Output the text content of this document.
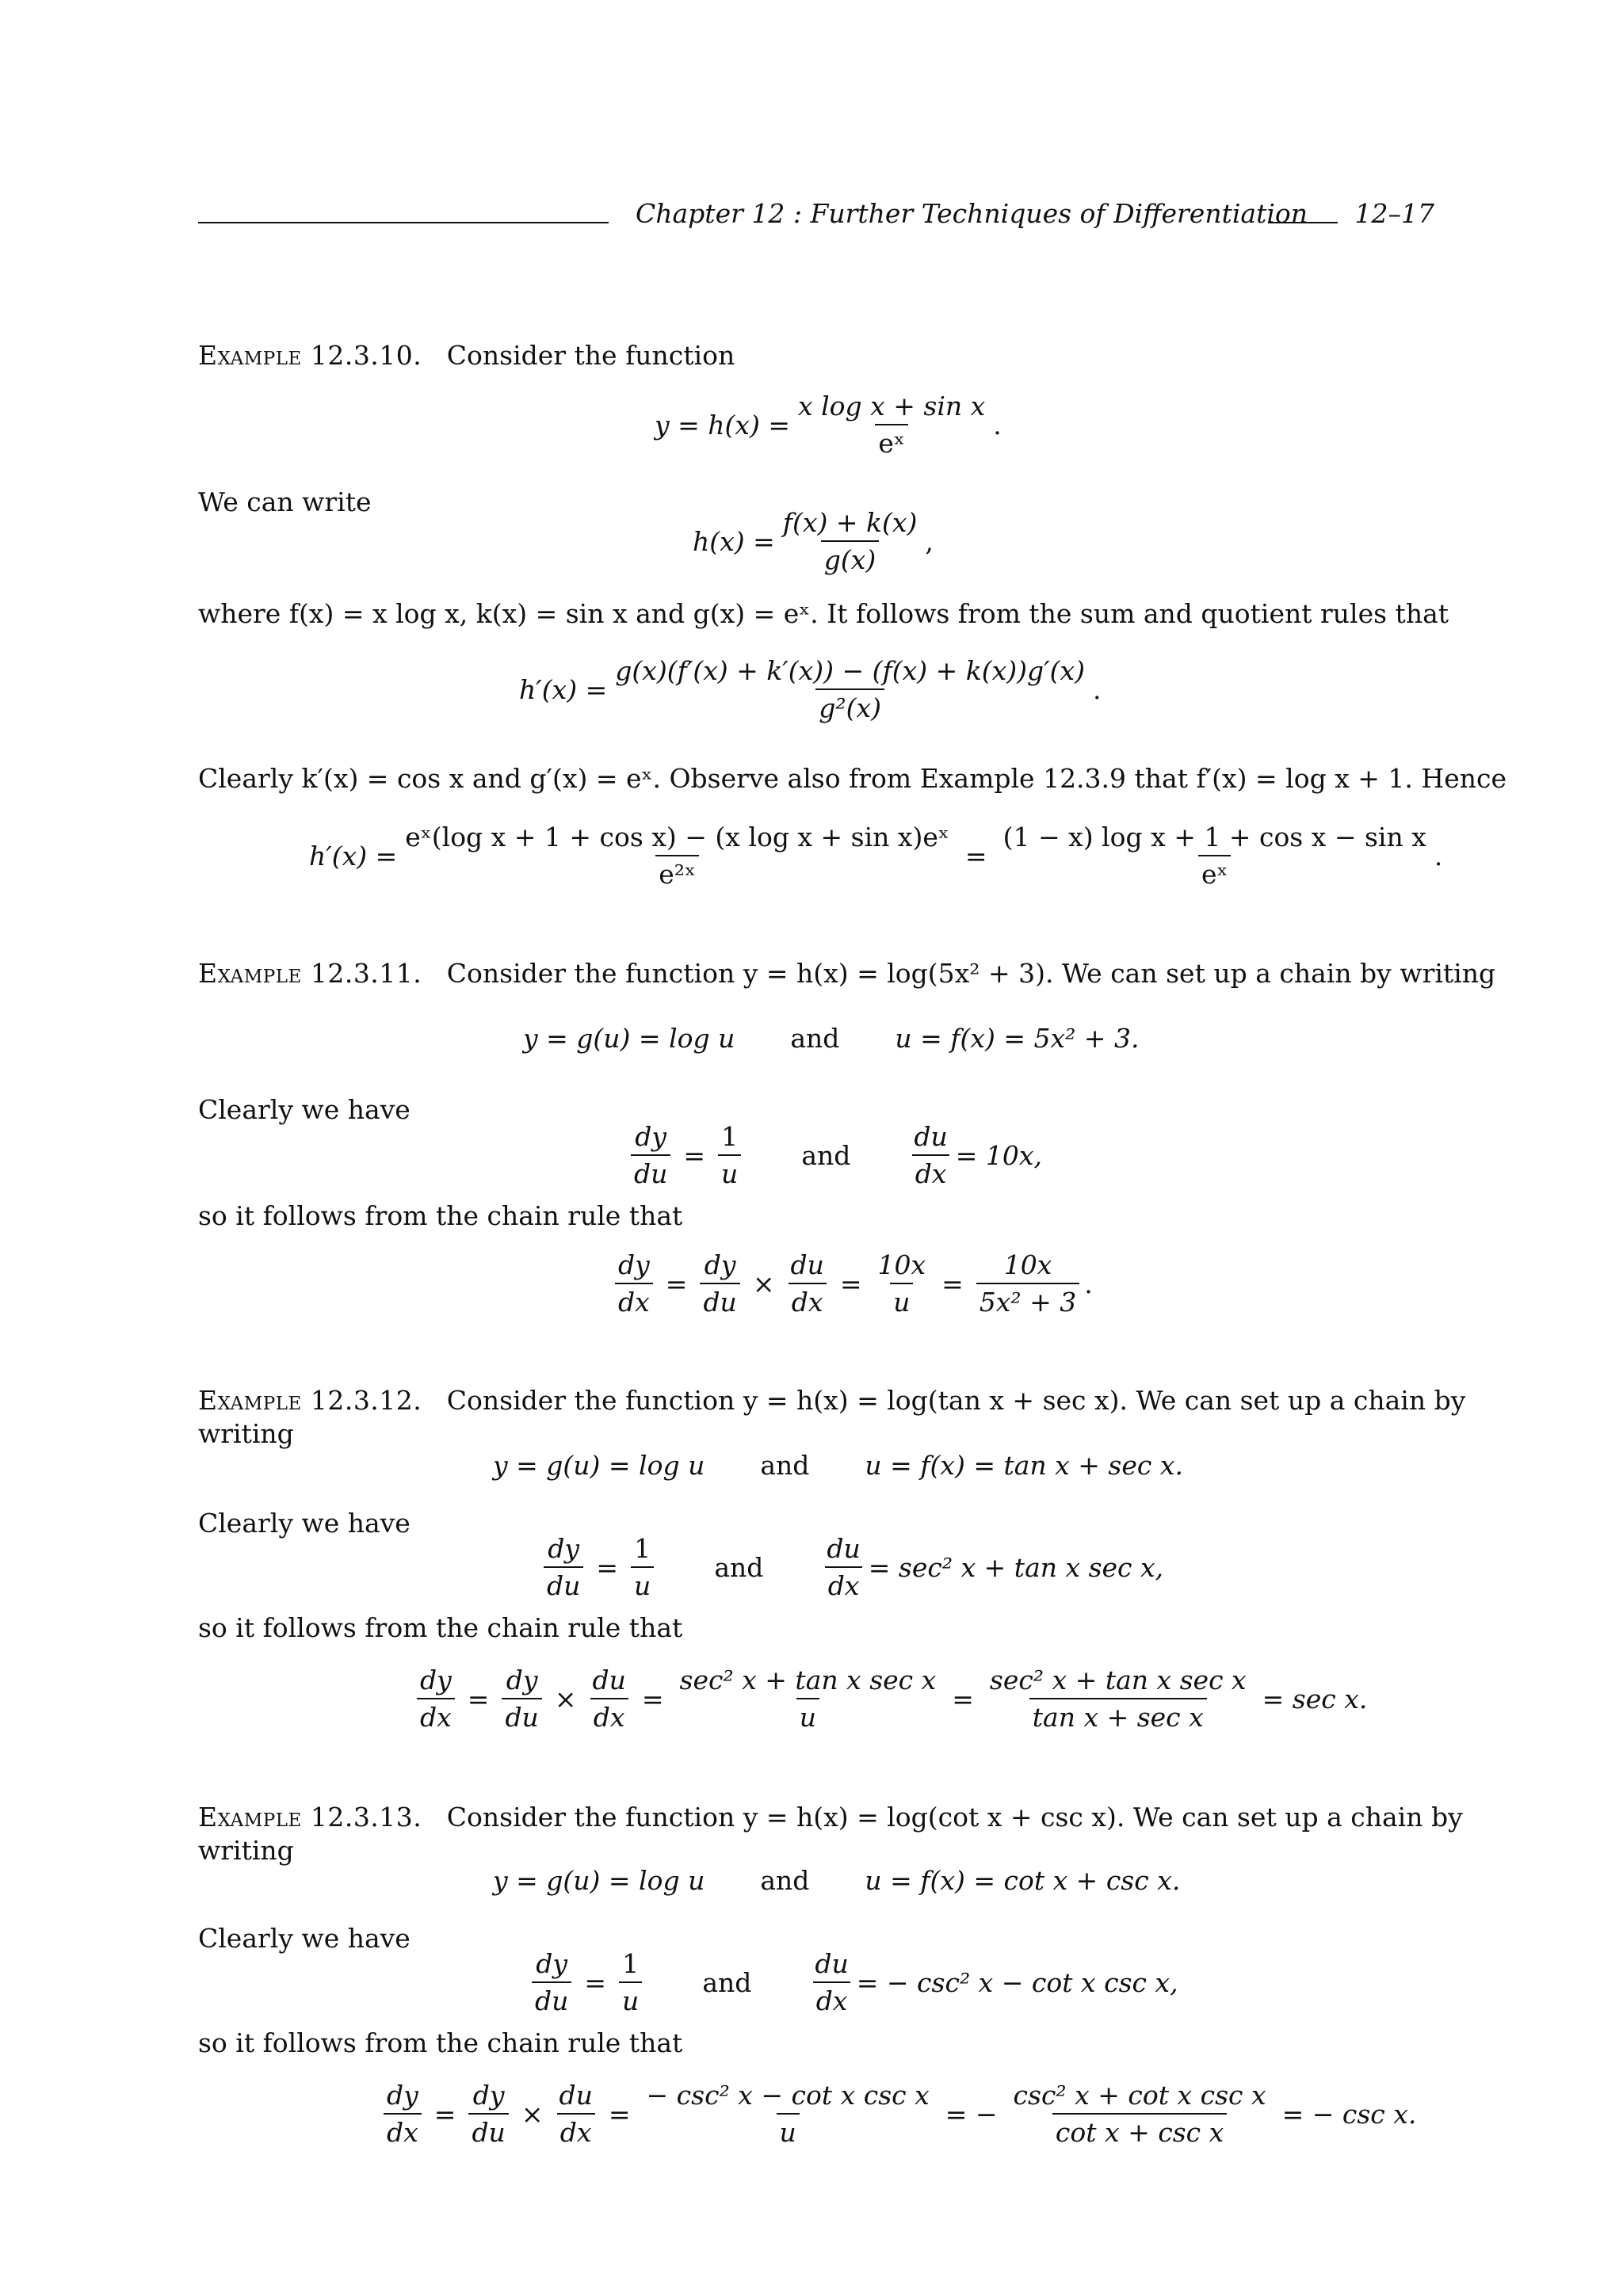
Chapter 12 : Further Techniques of Differentiation 12–17
Example 12.3.10. Consider the function
$y = h(x) = \frac{\text{x log x + sin x}}{\text{eˣ}}$ .
We can write
$h(x) = \frac{f(x) + k(x)}{g(x)}$ ,
where f(x) = x log x, k(x) = sin x and g(x) = eˣ. It follows from the sum and quotient rules that
$h'(x) = \frac{g(x)(f'(x) + k'(x)) - (f(x) + k(x))g'(x)}{\text{g²(x)}}$ .
Clearly k′(x) = cos x and g′(x) = eˣ. Observe also from Example 12.3.9 that f′(x) = log x + 1. Hence
$h'(x) = \frac{\text{eˣ(log x + 1 + cos x) − (x log x + sin x)eˣ}}{\text{e²ˣ}} = \frac{\text{(1 − x) log x + 1 + cos x − sin x}}{\text{eˣ}}$ .
Example 12.3.11. Consider the function y = h(x) = log(5x² + 3). We can set up a chain by writing
y = g(u) = log u and u = f(x) = 5x² + 3.
Clearly we have
$\frac{dy}{du} = \frac{1}{u}$ and $\frac{du}{dx} = 10x$,
so it follows from the chain rule that
$\frac{dy}{dx} = \frac{dy}{du} \times \frac{du}{dx} = \frac{10x}{u} = \frac{10x}{\text{5x² + 3}}$ .
Example 12.3.12. Consider the function y = h(x) = log(tan x + sec x). We can set up a chain by
writing
y = g(u) = log u and u = f(x) = tan x + sec x.
Clearly we have
$\frac{dy}{du} = \frac{1}{u}$ and $\frac{du}{dx} = \sec^2$ x + tan x sec x,
so it follows from the chain rule that
$\frac{dy}{dx} = \frac{dy}{du} \times \frac{du}{dx} = \frac{\text{sec² x + tan x sec x}}{u} = \frac{\text{sec² x + tan x sec x}}{\text{tan x + sec x}} = \sec x$.
Example 12.3.13. Consider the function y = h(x) = log(cot x + csc x). We can set up a chain by
writing
y = g(u) = log u and u = f(x) = cot x + csc x.
Clearly we have
$\frac{dy}{du} = \frac{1}{u}$ and $\frac{du}{dx}$ = − csc² x − cot x csc x,
so it follows from the chain rule that
$\frac{dy}{dx} = \frac{dy}{du} \times \frac{du}{dx} = \frac{\text{− csc² x − cot x csc x}}{u}$ = − $\frac{\text{csc² x + cot x csc x}}{\text{cot x + csc x}}$ = − csc x.
